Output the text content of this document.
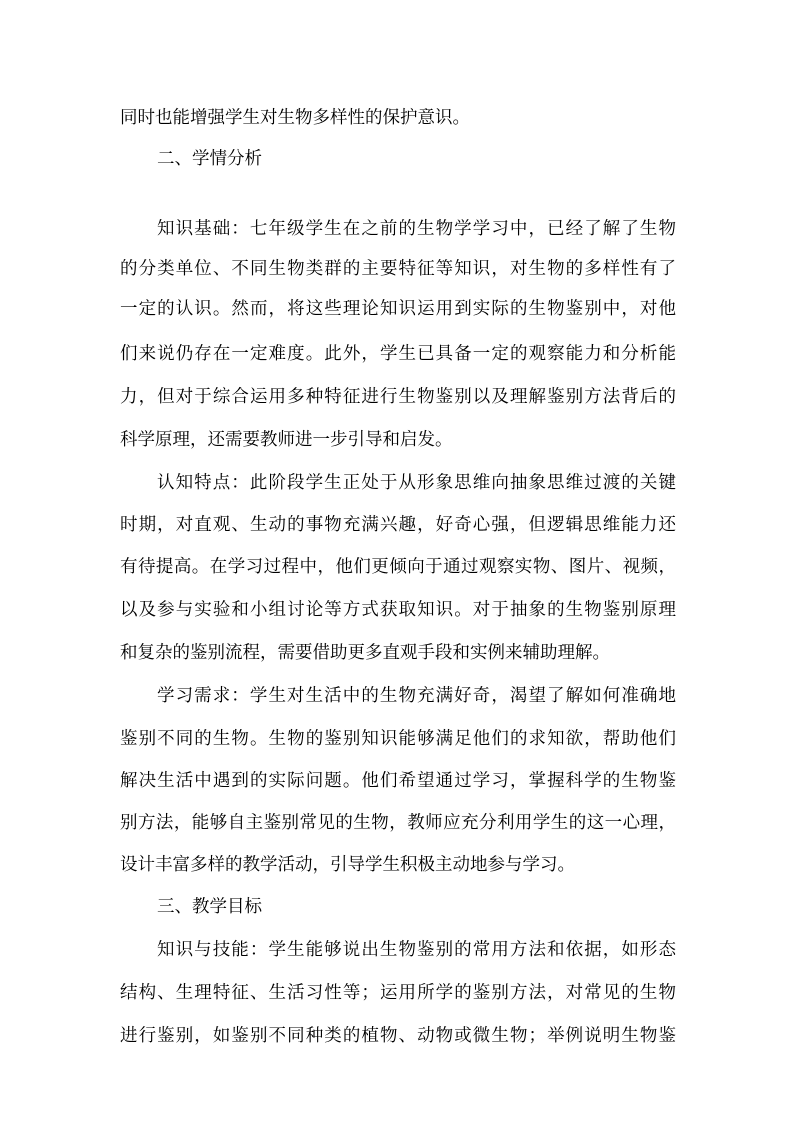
同时也能增强学生对生物多样性的保护意识。
二、学情分析
知识基础：七年级学生在之前的生物学学习中，已经了解了生物
的分类单位、不同生物类群的主要特征等知识，对生物的多样性有了
一定的认识。然而，将这些理论知识运用到实际的生物鉴别中，对他
们来说仍存在一定难度。此外，学生已具备一定的观察能力和分析能
力，但对于综合运用多种特征进行生物鉴别以及理解鉴别方法背后的
科学原理，还需要教师进一步引导和启发。
认知特点：此阶段学生正处于从形象思维向抽象思维过渡的关键
时期，对直观、生动的事物充满兴趣，好奇心强，但逻辑思维能力还
有待提高。在学习过程中，他们更倾向于通过观察实物、图片、视频，
以及参与实验和小组讨论等方式获取知识。对于抽象的生物鉴别原理
和复杂的鉴别流程，需要借助更多直观手段和实例来辅助理解。
学习需求：学生对生活中的生物充满好奇，渴望了解如何准确地
鉴别不同的生物。生物的鉴别知识能够满足他们的求知欲，帮助他们
解决生活中遇到的实际问题。他们希望通过学习，掌握科学的生物鉴
别方法，能够自主鉴别常见的生物，教师应充分利用学生的这一心理，
设计丰富多样的教学活动，引导学生积极主动地参与学习。
三、教学目标
知识与技能：学生能够说出生物鉴别的常用方法和依据，如形态
结构、生理特征、生活习性等；运用所学的鉴别方法，对常见的生物
进行鉴别，如鉴别不同种类的植物、动物或微生物；举例说明生物鉴
